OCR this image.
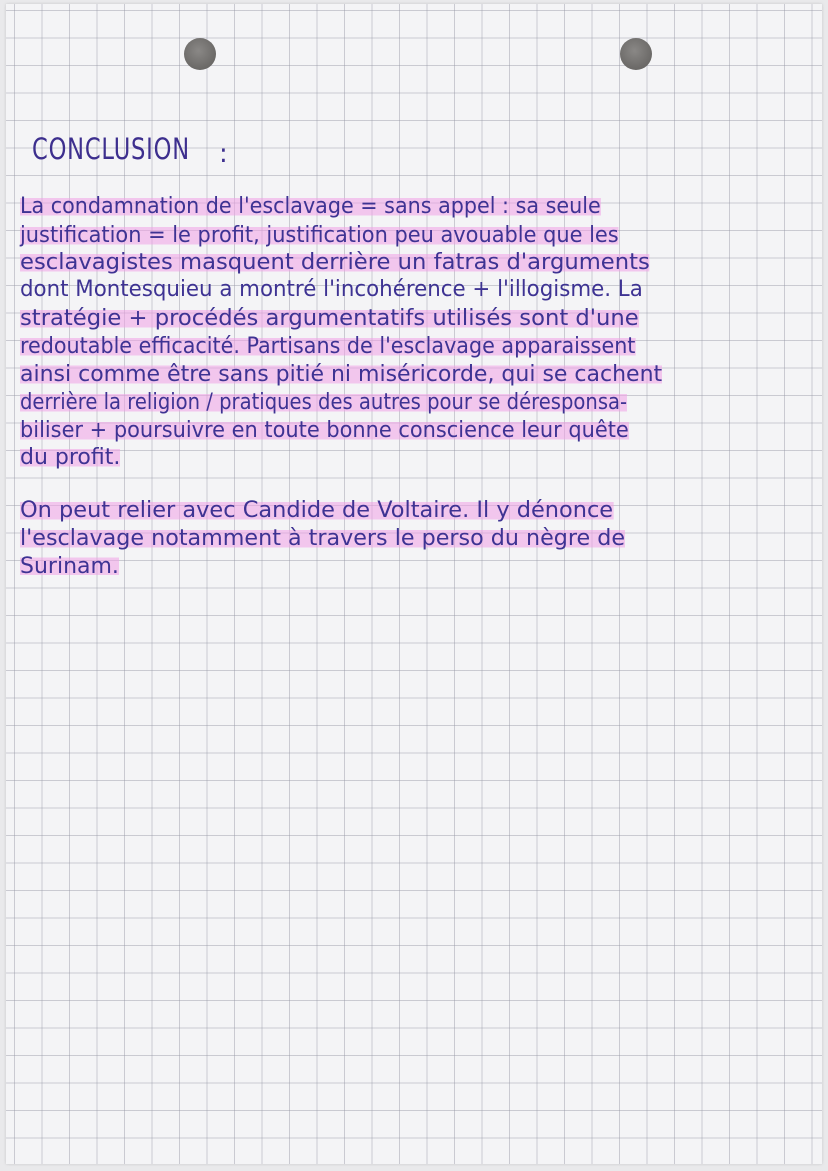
CONCLUSION :

La condamnation de l'esclavage = sans appel : sa seule

justification = le profit, justification peu avouable que les

esclavagistes masquent derrière un fatras d'arguments

dont Montesquieu a montré l'incohérence + l'illogisme. La

stratégie + procédés argumentatifs utilisés sont d'une

redoutable efficacité. Partisans de l'esclavage apparaissent

ainsi comme être sans pitié ni miséricorde, qui se cachent

derrière la religion / pratiques des autres pour se déresponsa-

biliser + poursuivre en toute bonne conscience leur quête

du profit.

On peut relier avec Candide de Voltaire. Il y dénonce

l'esclavage notamment à travers le perso du nègre de

Surinam.
